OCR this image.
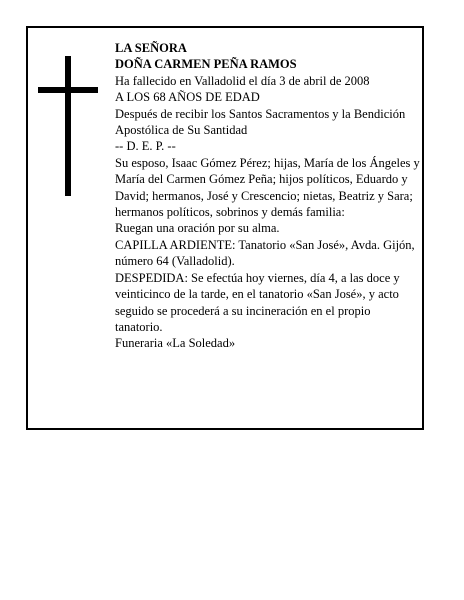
LA SEÑORA
DOÑA CARMEN PEÑA RAMOS
Ha fallecido en Valladolid el día 3 de abril de 2008
A LOS 68 AÑOS DE EDAD
Después de recibir los Santos Sacramentos y la Bendición Apostólica de Su Santidad
-- D. E. P. --
Su esposo, Isaac Gómez Pérez; hijas, María de los Ángeles y María del Carmen Gómez Peña; hijos políticos, Eduardo y David; hermanos, José y Crescencio; nietas, Beatriz y Sara; hermanos políticos, sobrinos y demás familia:
Ruegan una oración por su alma.
CAPILLA ARDIENTE: Tanatorio «San José», Avda. Gijón, número 64 (Valladolid).
DESPEDIDA: Se efectúa hoy viernes, día 4, a las doce y veinticinco de la tarde, en el tanatorio «San José», y acto seguido se procederá a su incineración en el propio tanatorio.
Funeraria «La Soledad»
